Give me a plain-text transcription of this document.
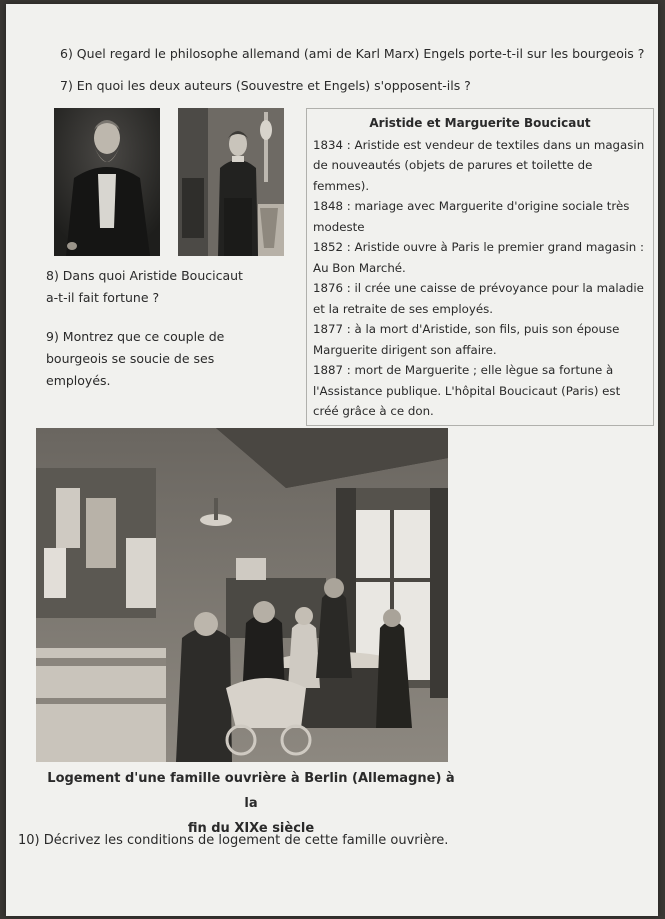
6) Quel regard le philosophe allemand (ami de Karl Marx) Engels porte-t-il sur les bourgeois ?
7) En quoi les deux auteurs (Souvestre et Engels) s'opposent-ils ?
8) Dans quoi Aristide Boucicaut
a-t-il fait fortune ?
9) Montrez que ce couple de
bourgeois se soucie de ses
employés.
Aristide et Marguerite Boucicaut

1834 : Aristide est vendeur de textiles dans un magasin de nouveautés (objets de parures et toilette de femmes).

1848 : mariage avec Marguerite d'origine sociale très modeste

1852 : Aristide ouvre à Paris le premier grand magasin : Au Bon Marché.

1876 : il crée une caisse de prévoyance pour la maladie et la retraite de ses employés.

1877 : à la mort d'Aristide, son fils, puis son épouse Marguerite dirigent son affaire.

1887 : mort de Marguerite ; elle lègue sa fortune à l'Assistance publique. L'hôpital Boucicaut (Paris) est créé grâce à ce don.

Logement d'une famille ouvrière à Berlin (Allemagne) à la
fin du XIXe siècle
10) Décrivez les conditions de logement de cette famille ouvrière.
